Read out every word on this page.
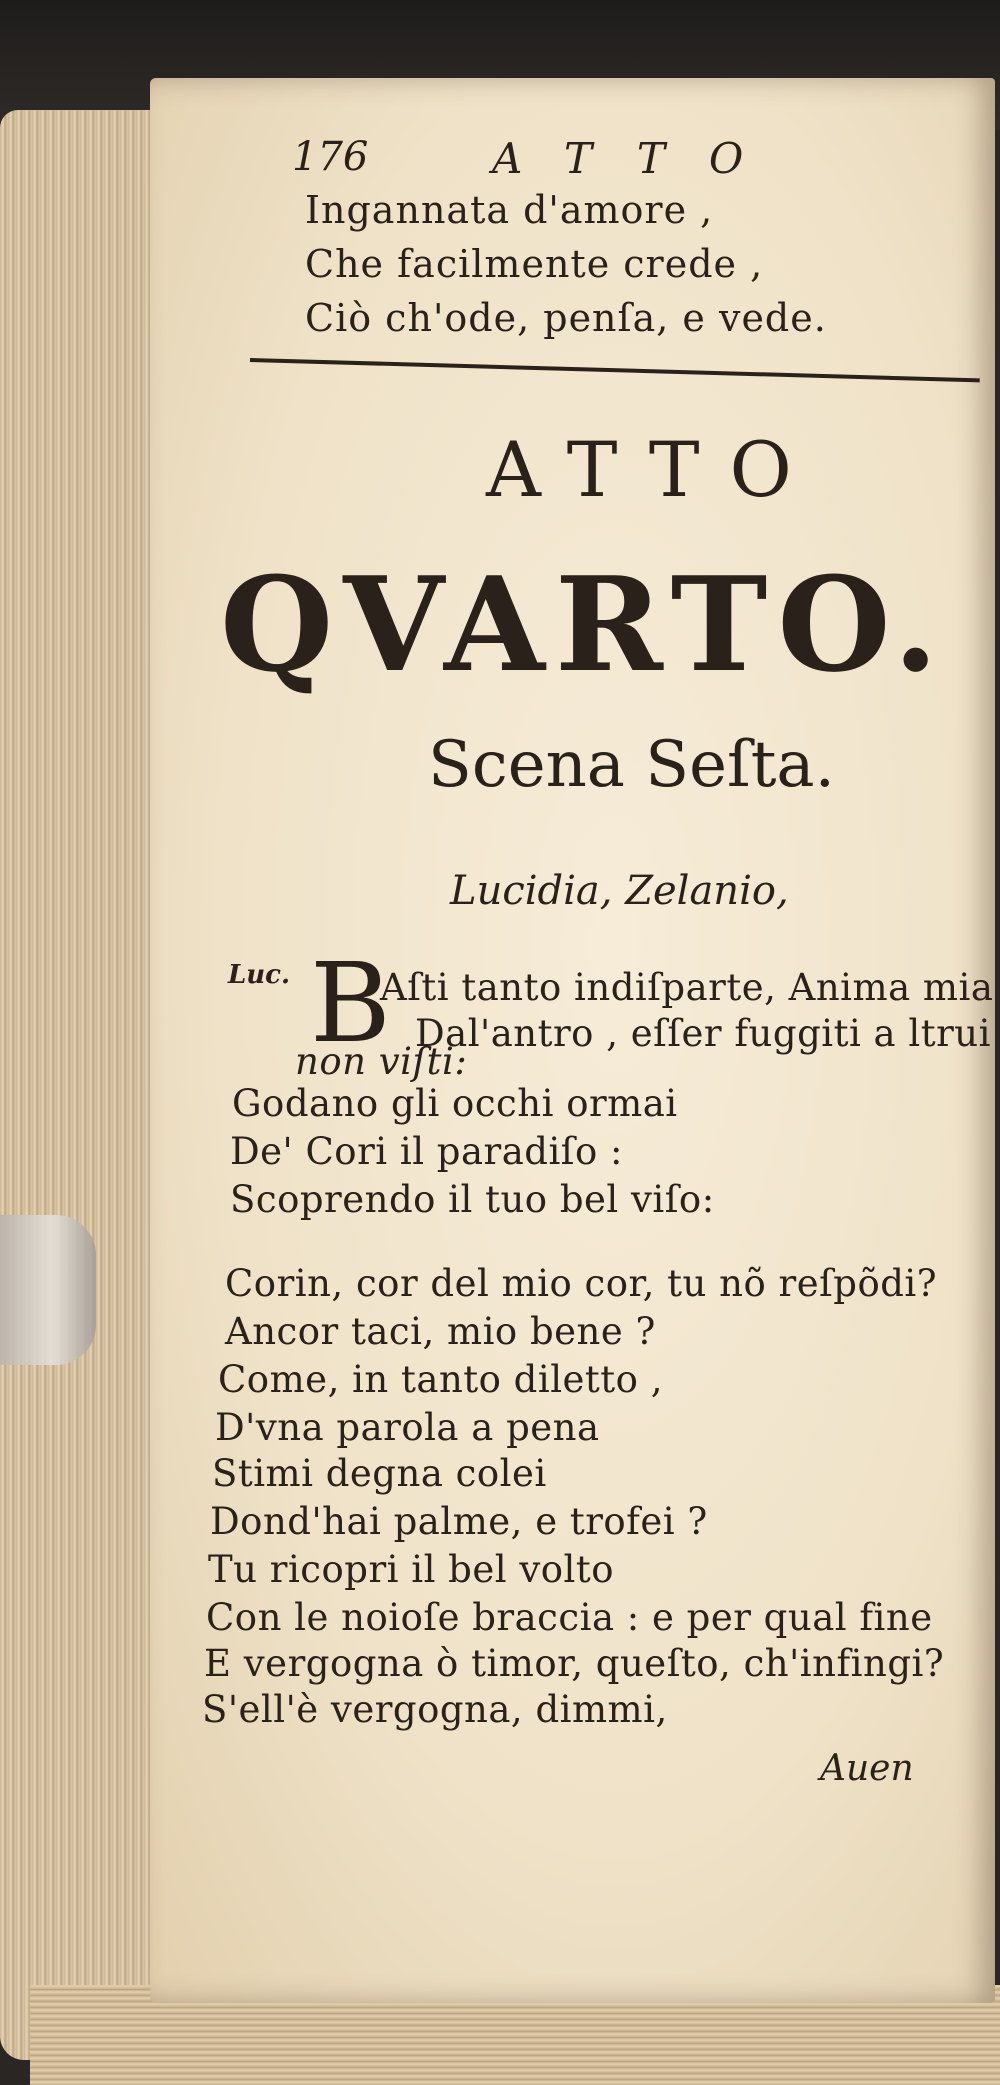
176	ATTO
Ingannata d'amore ,
Che facilmente crede ,
Ciò ch'ode, penſa, e vede.
ATTO
QVARTO.
Scena Seſta.
Lucidia, Zelanio,
Luc. B
Aſti tanto indiſparte, Anima mia
Dal'antro , eſſer fuggiti a ltrui
non viſti:
Godano gli occhi ormai
De' Cori il paradiſo :
Scoprendo il tuo bel viſo:
Corin, cor del mio cor, tu nõ reſpõdi?
Ancor taci, mio bene ?
Come, in tanto diletto ,
D'vna parola a pena
Stimi degna colei
Dond'hai palme, e trofei ?
Tu ricopri il bel volto
Con le noioſe braccia : e per qual fine
E vergogna ò timor, queſto, ch'infingi?
S'ell'è vergogna, dimmi,
Auen
